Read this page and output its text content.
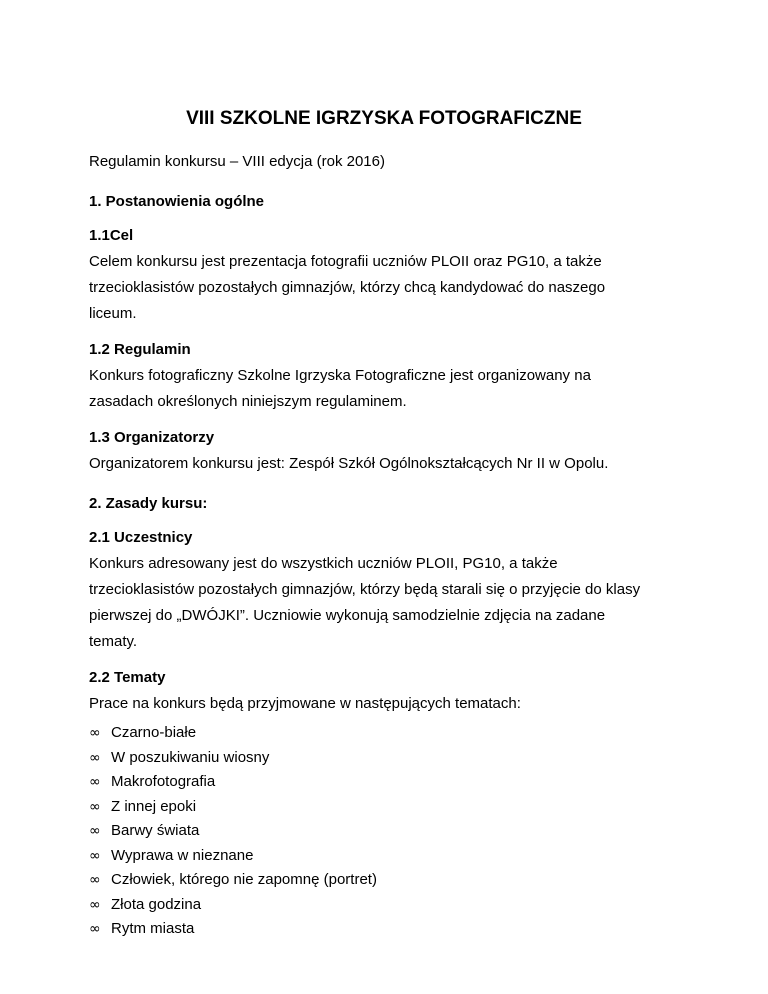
VIII SZKOLNE IGRZYSKA FOTOGRAFICZNE

Regulamin konkursu – VIII edycja (rok 2016)

1. Postanowienia ogólne

1.1Cel

Celem konkursu jest prezentacja fotografii uczniów PLOII oraz PG10, a także

trzecioklasistów pozostałych gimnazjów, którzy chcą kandydować do naszego

liceum.

1.2 Regulamin

Konkurs fotograficzny Szkolne Igrzyska Fotograficzne jest organizowany na

zasadach określonych niniejszym regulaminem.

1.3 Organizatorzy

Organizatorem konkursu jest: Zespół Szkół Ogólnokształcących Nr II w Opolu.

2. Zasady kursu:

2.1 Uczestnicy

Konkurs adresowany jest do wszystkich uczniów PLOII, PG10, a także

trzecioklasistów pozostałych gimnazjów, którzy będą starali się o przyjęcie do klasy

pierwszej do „DWÓJKI”. Uczniowie wykonują samodzielnie zdjęcia na zadane

tematy.

2.2 Tematy

Prace na konkurs będą przyjmowane w następujących tematach:

∞ Czarno-białe
∞ W poszukiwaniu wiosny
∞ Makrofotografia
∞ Z innej epoki
∞ Barwy świata
∞ Wyprawa w nieznane
∞ Człowiek, którego nie zapomnę (portret)
∞ Złota godzina
∞ Rytm miasta
